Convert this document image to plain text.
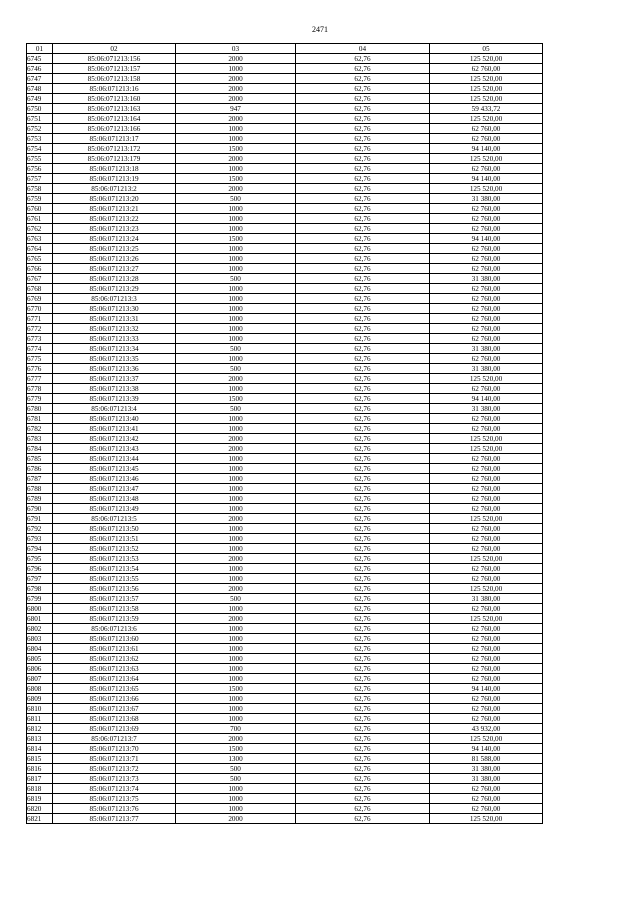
2471
01	02	03	04	05
6745	85:06:071213:156	2000	62,76	125 520,00
6746	85:06:071213:157	1000	62,76	62 760,00
6747	85:06:071213:158	2000	62,76	125 520,00
6748	85:06:071213:16	2000	62,76	125 520,00
6749	85:06:071213:160	2000	62,76	125 520,00
6750	85:06:071213:163	947	62,76	59 433,72
6751	85:06:071213:164	2000	62,76	125 520,00
6752	85:06:071213:166	1000	62,76	62 760,00
6753	85:06:071213:17	1000	62,76	62 760,00
6754	85:06:071213:172	1500	62,76	94 140,00
6755	85:06:071213:179	2000	62,76	125 520,00
6756	85:06:071213:18	1000	62,76	62 760,00
6757	85:06:071213:19	1500	62,76	94 140,00
6758	85:06:071213:2	2000	62,76	125 520,00
6759	85:06:071213:20	500	62,76	31 380,00
6760	85:06:071213:21	1000	62,76	62 760,00
6761	85:06:071213:22	1000	62,76	62 760,00
6762	85:06:071213:23	1000	62,76	62 760,00
6763	85:06:071213:24	1500	62,76	94 140,00
6764	85:06:071213:25	1000	62,76	62 760,00
6765	85:06:071213:26	1000	62,76	62 760,00
6766	85:06:071213:27	1000	62,76	62 760,00
6767	85:06:071213:28	500	62,76	31 380,00
6768	85:06:071213:29	1000	62,76	62 760,00
6769	85:06:071213:3	1000	62,76	62 760,00
6770	85:06:071213:30	1000	62,76	62 760,00
6771	85:06:071213:31	1000	62,76	62 760,00
6772	85:06:071213:32	1000	62,76	62 760,00
6773	85:06:071213:33	1000	62,76	62 760,00
6774	85:06:071213:34	500	62,76	31 380,00
6775	85:06:071213:35	1000	62,76	62 760,00
6776	85:06:071213:36	500	62,76	31 380,00
6777	85:06:071213:37	2000	62,76	125 520,00
6778	85:06:071213:38	1000	62,76	62 760,00
6779	85:06:071213:39	1500	62,76	94 140,00
6780	85:06:071213:4	500	62,76	31 380,00
6781	85:06:071213:40	1000	62,76	62 760,00
6782	85:06:071213:41	1000	62,76	62 760,00
6783	85:06:071213:42	2000	62,76	125 520,00
6784	85:06:071213:43	2000	62,76	125 520,00
6785	85:06:071213:44	1000	62,76	62 760,00
6786	85:06:071213:45	1000	62,76	62 760,00
6787	85:06:071213:46	1000	62,76	62 760,00
6788	85:06:071213:47	1000	62,76	62 760,00
6789	85:06:071213:48	1000	62,76	62 760,00
6790	85:06:071213:49	1000	62,76	62 760,00
6791	85:06:071213:5	2000	62,76	125 520,00
6792	85:06:071213:50	1000	62,76	62 760,00
6793	85:06:071213:51	1000	62,76	62 760,00
6794	85:06:071213:52	1000	62,76	62 760,00
6795	85:06:071213:53	2000	62,76	125 520,00
6796	85:06:071213:54	1000	62,76	62 760,00
6797	85:06:071213:55	1000	62,76	62 760,00
6798	85:06:071213:56	2000	62,76	125 520,00
6799	85:06:071213:57	500	62,76	31 380,00
6800	85:06:071213:58	1000	62,76	62 760,00
6801	85:06:071213:59	2000	62,76	125 520,00
6802	85:06:071213:6	1000	62,76	62 760,00
6803	85:06:071213:60	1000	62,76	62 760,00
6804	85:06:071213:61	1000	62,76	62 760,00
6805	85:06:071213:62	1000	62,76	62 760,00
6806	85:06:071213:63	1000	62,76	62 760,00
6807	85:06:071213:64	1000	62,76	62 760,00
6808	85:06:071213:65	1500	62,76	94 140,00
6809	85:06:071213:66	1000	62,76	62 760,00
6810	85:06:071213:67	1000	62,76	62 760,00
6811	85:06:071213:68	1000	62,76	62 760,00
6812	85:06:071213:69	700	62,76	43 932,00
6813	85:06:071213:7	2000	62,76	125 520,00
6814	85:06:071213:70	1500	62,76	94 140,00
6815	85:06:071213:71	1300	62,76	81 588,00
6816	85:06:071213:72	500	62,76	31 380,00
6817	85:06:071213:73	500	62,76	31 380,00
6818	85:06:071213:74	1000	62,76	62 760,00
6819	85:06:071213:75	1000	62,76	62 760,00
6820	85:06:071213:76	1000	62,76	62 760,00
6821	85:06:071213:77	2000	62,76	125 520,00
